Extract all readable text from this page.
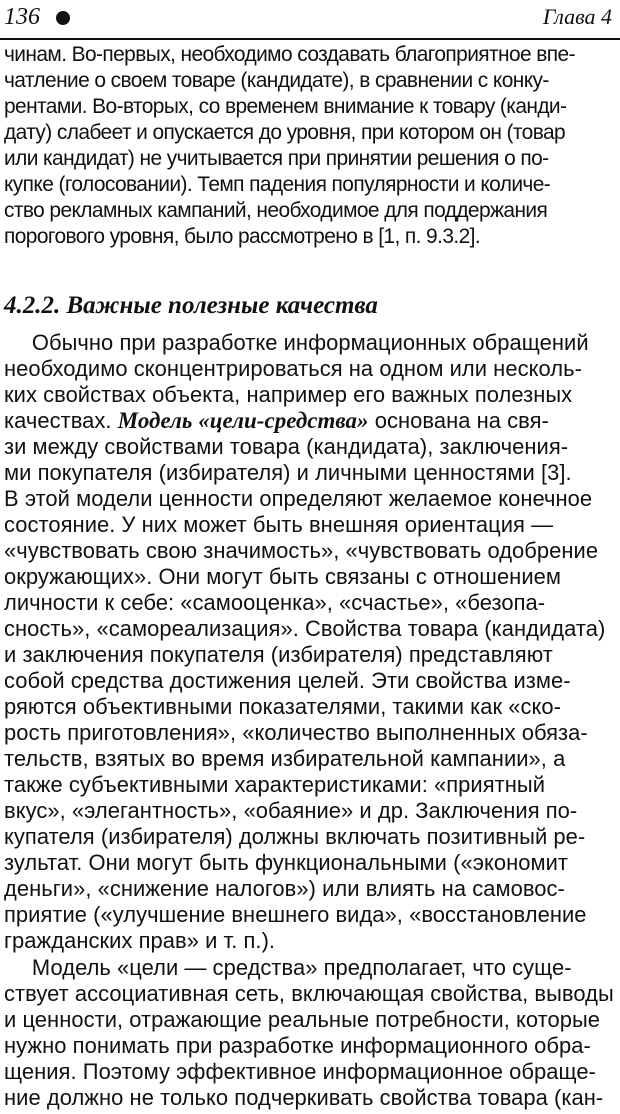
136	Глава 4
чинам. Во-первых, необходимо создавать благоприятное впе-
чатление о своем товаре (кандидате), в сравнении с конку-
рентами. Во-вторых, со временем внимание к товару (канди-
дату) слабеет и опускается до уровня, при котором он (товар
или кандидат) не учитывается при принятии решения о по-
купке (голосовании). Темп падения популярности и количе-
ство рекламных кампаний, необходимое для поддержания
порогового уровня, было рассмотрено в [1, п. 9.3.2].
4.2.2. Важные полезные качества
Обычно при разработке информационных обращений
необходимо сконцентрироваться на одном или несколь-
ких свойствах объекта, например его важных полезных
качествах. Модель «цели-средства» основана на свя-
зи между свойствами товара (кандидата), заключения-
ми покупателя (избирателя) и личными ценностями [3].
В этой модели ценности определяют желаемое конечное
состояние. У них может быть внешняя ориентация —
«чувствовать свою значимость», «чувствовать одобрение
окружающих». Они могут быть связаны с отношением
личности к себе: «самооценка», «счастье», «безопа-
сность», «самореализация». Свойства товара (кандидата)
и заключения покупателя (избирателя) представляют
собой средства достижения целей. Эти свойства изме-
ряются объективными показателями, такими как «ско-
рость приготовления», «количество выполненных обяза-
тельств, взятых во время избирательной кампании», а
также субъективными характеристиками: «приятный
вкус», «элегантность», «обаяние» и др. Заключения по-
купателя (избирателя) должны включать позитивный ре-
зультат. Они могут быть функциональными («экономит
деньги», «снижение налогов») или влиять на самовос-
приятие («улучшение внешнего вида», «восстановление
гражданских прав» и т. п.).
Модель «цели — средства» предполагает, что суще-
ствует ассоциативная сеть, включающая свойства, выводы
и ценности, отражающие реальные потребности, которые
нужно понимать при разработке информационного обра-
щения. Поэтому эффективное информационное обраще-
ние должно не только подчеркивать свойства товара (кан-
